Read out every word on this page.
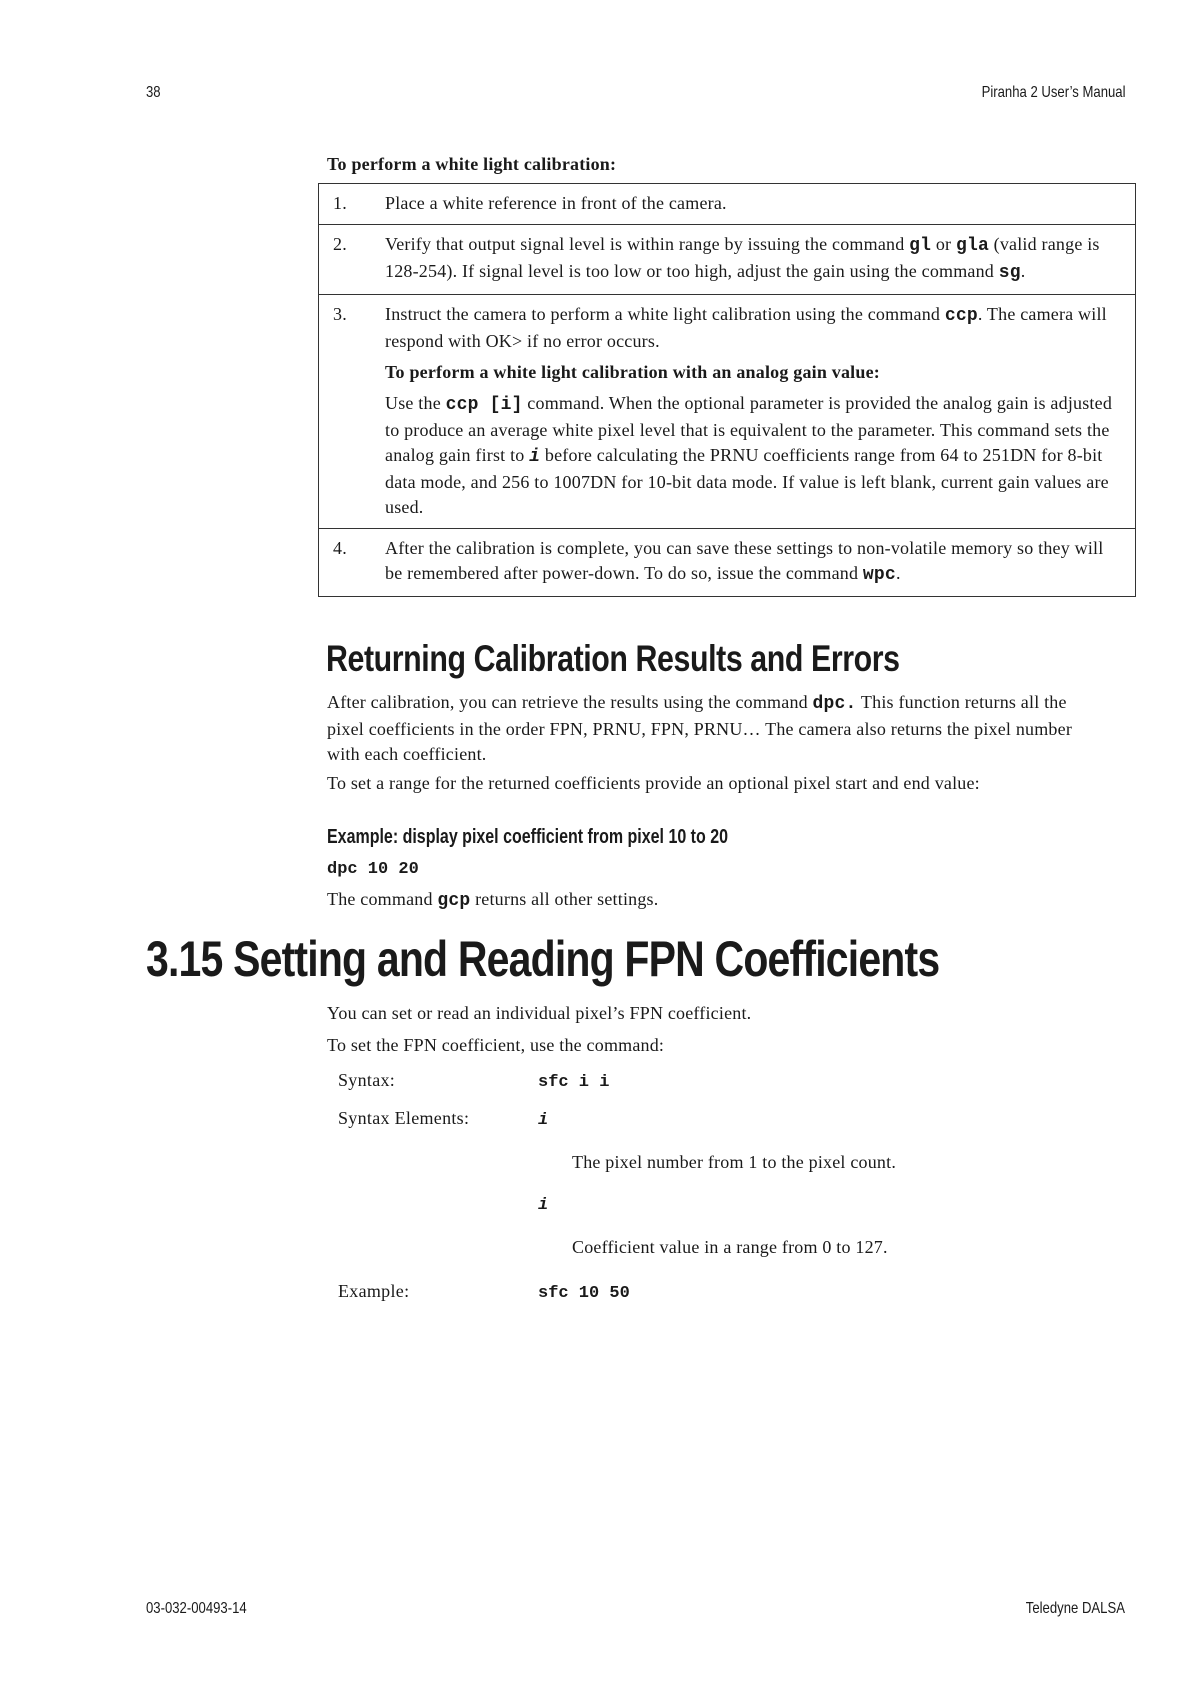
38	Piranha 2 User’s Manual
To perform a white light calibration:
1.	Place a white reference in front of the camera.
2.	Verify that output signal level is within range by issuing the command gl or gla (valid range is 128-254). If signal level is too low or too high, adjust the gain using the command sg.
3.	Instruct the camera to perform a white light calibration using the command ccp. The camera will respond with OK> if no error occurs.
To perform a white light calibration with an analog gain value:
Use the ccp [i] command. When the optional parameter is provided the analog gain is adjusted to produce an average white pixel level that is equivalent to the parameter. This command sets the analog gain first to i before calculating the PRNU coefficients range from 64 to 251DN for 8-bit data mode, and 256 to 1007DN for 10-bit data mode. If value is left blank, current gain values are used.

4.	After the calibration is complete, you can save these settings to non-volatile memory so they will be remembered after power-down. To do so, issue the command wpc.
Returning Calibration Results and Errors
After calibration, you can retrieve the results using the command dpc. This function returns all the pixel coefficients in the order FPN, PRNU, FPN, PRNU… The camera also returns the pixel number with each coefficient.
To set a range for the returned coefficients provide an optional pixel start and end value:
Example: display pixel coefficient from pixel 10 to 20
dpc 10 20
The command gcp returns all other settings.
3.15 Setting and Reading FPN Coefficients
You can set or read an individual pixel’s FPN coefficient.
To set the FPN coefficient, use the command:
Syntax:	sfc i i
Syntax Elements:	i
The pixel number from 1 to the pixel count.
i
Coefficient value in a range from 0 to 127.
Example:	sfc 10 50
03-032-00493-14	Teledyne DALSA
